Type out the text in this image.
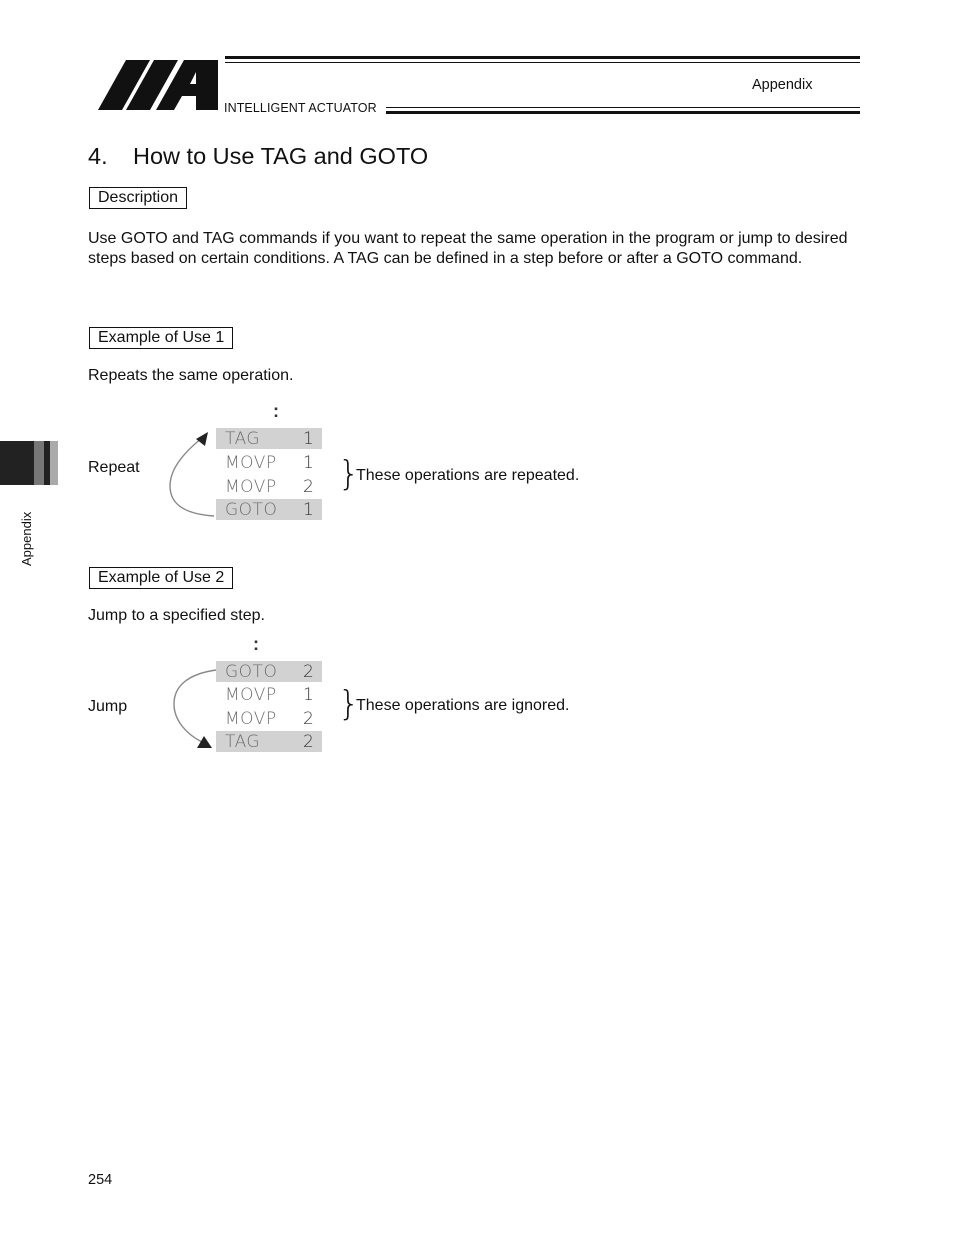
INTELLIGENT ACTUATOR
Appendix
Appendix
4. How to Use TAG and GOTO
Description
Use GOTO and TAG commands if you want to repeat the same operation in the program or jump to desired steps based on certain conditions. A TAG can be defined in a step before or after a GOTO command.
Example of Use 1
Repeats the same operation.
Repeat
:
TAG	1
MOVP 1
MOVP 2
GOTO 1
}
These operations are repeated.
Example of Use 2
Jump to a specified step.
Jump
:
GOTO 2
MOVP 1
MOVP 2
TAG	2
}
These operations are ignored.
254
